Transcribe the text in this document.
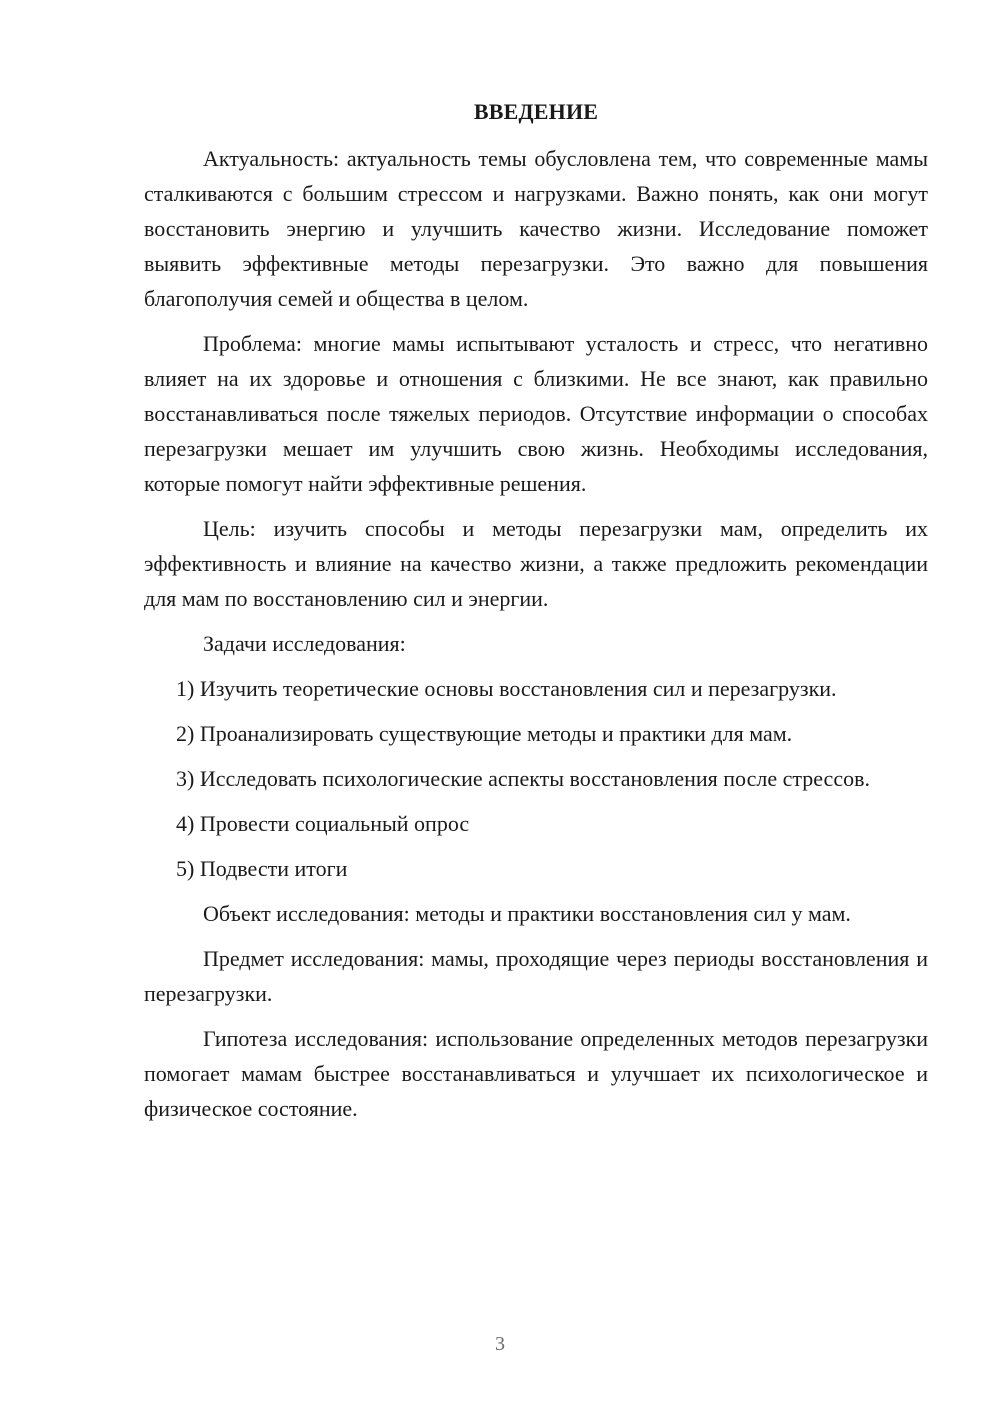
ВВЕДЕНИЕ

Актуальность: актуальность темы обусловлена тем, что современные мамы сталкиваются с большим стрессом и нагрузками. Важно понять, как они могут восстановить энергию и улучшить качество жизни. Исследование поможет выявить эффективные методы перезагрузки. Это важно для повышения благополучия семей и общества в целом.

Проблема: многие мамы испытывают усталость и стресс, что негативно влияет на их здоровье и отношения с близкими. Не все знают, как правильно восстанавливаться после тяжелых периодов. Отсутствие информации о способах перезагрузки мешает им улучшить свою жизнь. Необходимы исследования, которые помогут найти эффективные решения.

Цель: изучить способы и методы перезагрузки мам, определить их эффективность и влияние на качество жизни, а также предложить рекомендации для мам по восстановлению сил и энергии.

Задачи исследования:

1) Изучить теоретические основы восстановления сил и перезагрузки.

2) Проанализировать существующие методы и практики для мам.

3) Исследовать психологические аспекты восстановления после стрессов.

4) Провести социальный опрос

5) Подвести итоги

Объект исследования: методы и практики восстановления сил у мам.

Предмет исследования: мамы, проходящие через периоды восстановления и перезагрузки.

Гипотеза исследования: использование определенных методов перезагрузки помогает мамам быстрее восстанавливаться и улучшает их психологическое и физическое состояние.

3
